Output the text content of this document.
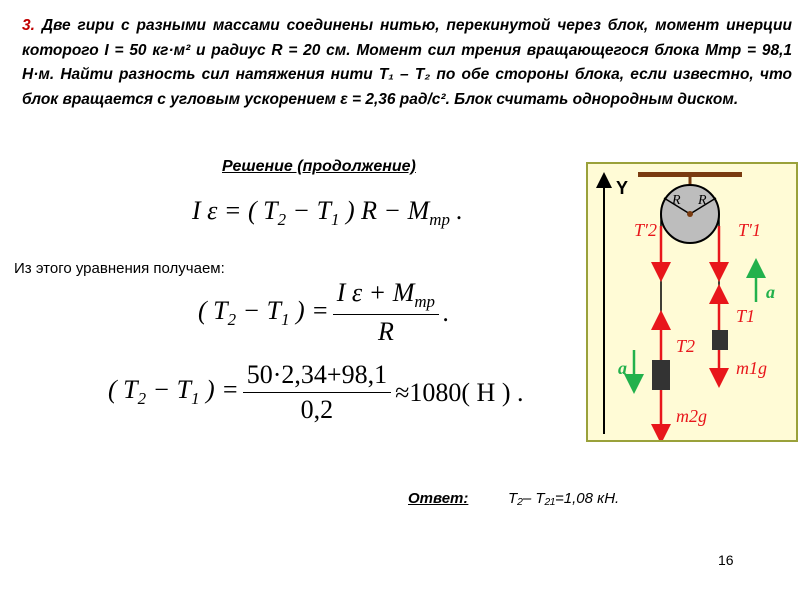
3. Две гири с разными массами соединены нитью, перекинутой через блок, момент инерции которого I = 50 кг·м² и радиус R = 20 см. Момент сил трения вращающегося блока Mтр = 98,1 Н·м. Найти разность сил натяжения нити T₁ – T₂ по обе стороны блока, если известно, что блок вращается с угловым ускорением ε = 2,36 рад/с². Блок считать однородным диском.
Решение (продолжение)
I ε = ( $T_2 - T_1$ ) $R - M_{тр}$ .
Из этого уравнения получаем:
( $T_2 - T_1$ ) = $\frac{I \varepsilon + M_{тр}}{R}$ .
( $T_2 - T_1$ ) = $\frac{50\cdot 2,34+98,1}{0,2} \approx 1080$( H ) .
Ответ:	T₂– T₂₁=1,08 кН.
16
Y
R R
T′2	T′1
T1
T2
m1g
m2g
a
a
